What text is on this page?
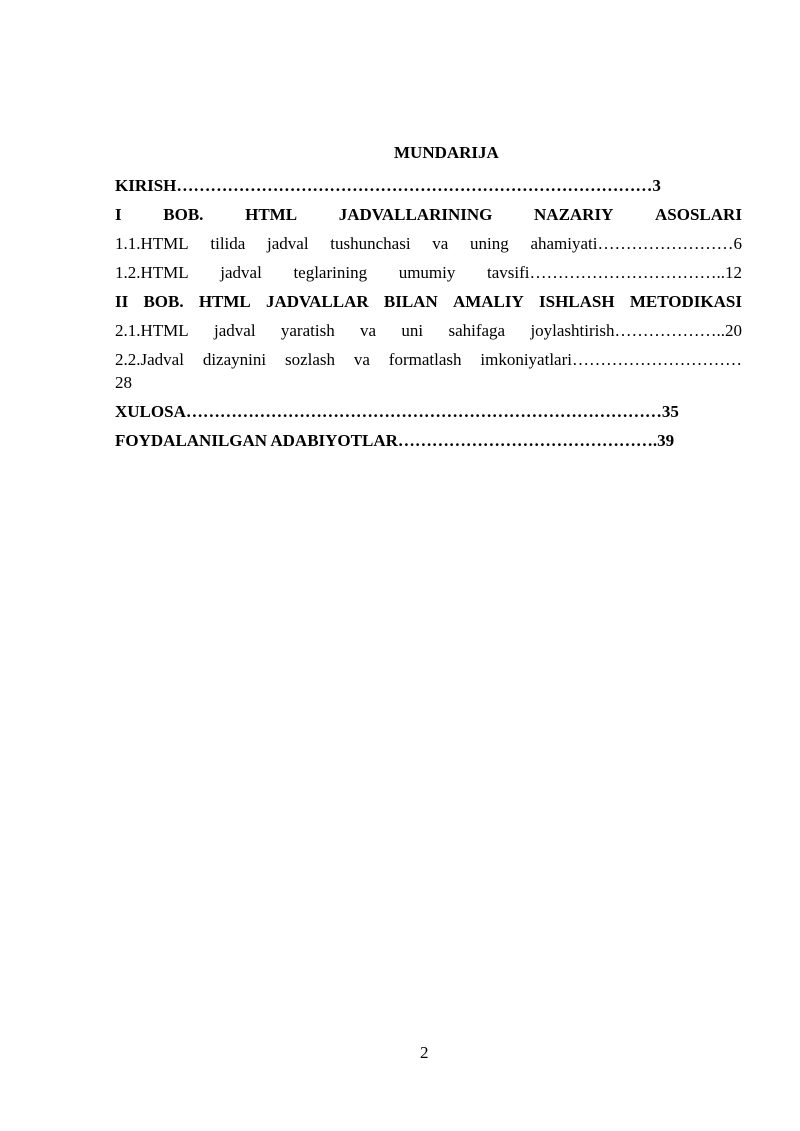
MUNDARIJA
KIRISH…………………………………………………………………………3
I BOB. HTML JADVALLARINING NAZARIY ASOSLARI
1.1.HTML tilida jadval tushunchasi va uning ahamiyati……………………6
1.2.HTML jadval teglarining umumiy tavsifi……………………………..12
II BOB. HTML JADVALLAR BILAN AMALIY ISHLASH METODIKASI
2.1.HTML jadval yaratish va uni sahifaga joylashtirish………………..20
2.2.Jadval dizaynini sozlash va formatlash imkoniyatlari…………………………
28
XULOSA…………………………………………………………………………35
FOYDALANILGAN ADABIYOTLAR……………………………………….39
2
